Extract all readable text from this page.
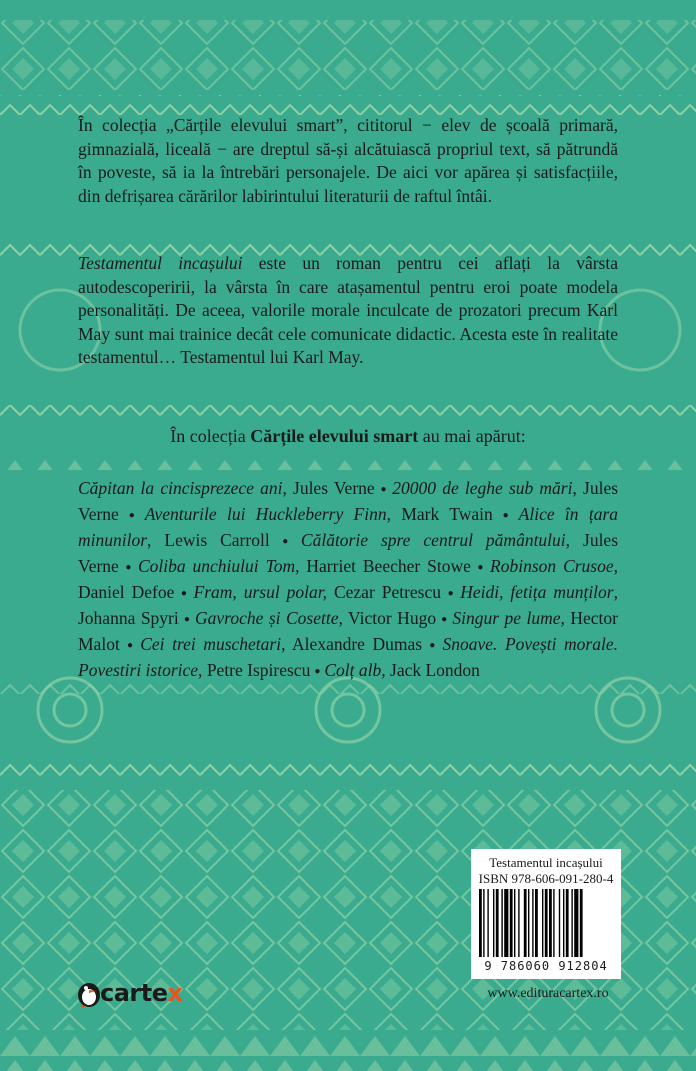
În colecția „Cărțile elevului smart”, cititorul − elev de școală primară, gimnazială, liceală − are dreptul să-și alcătuiască propriul text, să pătrundă în poveste, să ia la întrebări personajele. De aici vor apărea și satisfacțiile, din defrișarea cărărilor labirintului literaturii de raftul întâi.
Testamentul incașului este un roman pentru cei aflați la vârsta autodescoperirii, la vârsta în care atașamentul pentru eroi poate modela personalități. De aceea, valorile morale inculcate de prozatori precum Karl May sunt mai trainice decât cele comunicate didactic. Acesta este în realitate testamentul… Testamentul lui Karl May.
În colecția Cărțile elevului smart au mai apărut:
Căpitan la cincisprezece ani, Jules Verne ● 20000 de leghe sub mări, Jules Verne ● Aventurile lui Huckleberry Finn, Mark Twain ● Alice în țara minunilor, Lewis Carroll ● Călătorie spre centrul pământului, Jules Verne ● Coliba unchiului Tom, Harriet Beecher Stowe ● Robinson Crusoe, Daniel Defoe ● Fram, ursul polar, Cezar Petrescu ● Heidi, fetița munților, Johanna Spyri ● Gavroche și Cosette, Victor Hugo ● Singur pe lume, Hector Malot ● Cei trei muschetari, Alexandre Dumas ● Snoave. Povești morale. Povestiri istorice, Petre Ispirescu ● Colț alb, Jack London
cartex
Testamentul incașului
ISBN 978-606-091-280-4
9 786060 912804
www.edituracartex.ro
